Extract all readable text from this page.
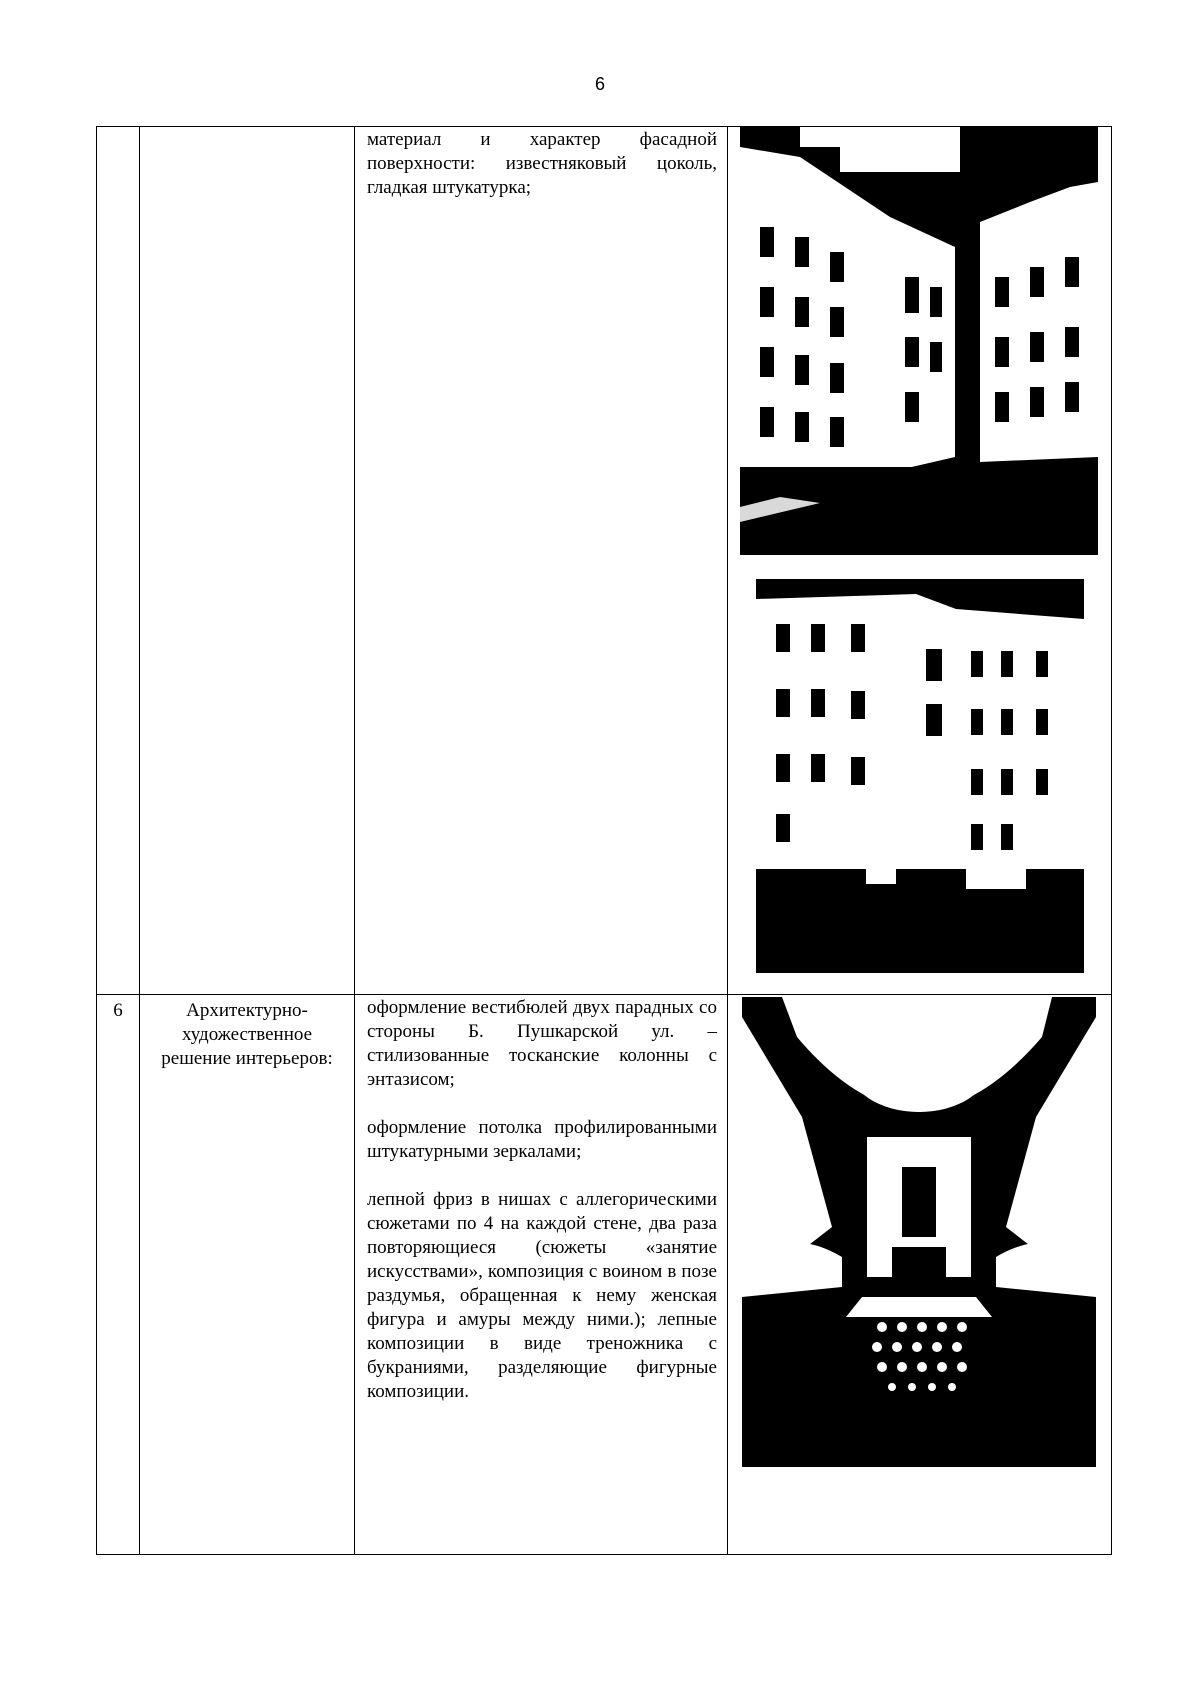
6

		материал и характер фасадной поверхности: известняковый цоколь, гладкая штукатурка;

6	Архитектурно-художественное решение интерьеров:	оформление вестибюлей двух парадных со стороны Б. Пушкарской ул. – стилизованные тосканские колонны с энтазисом;

оформление потолка профилированными штукатурными зеркалами;

лепной фриз в нишах с аллегорическими сюжетами по 4 на каждой стене, два раза повторяющиеся (сюжеты «занятие искусствами», композиция с воином в позе раздумья, обращенная к нему женская фигура и амуры между ними.); лепные композиции в виде треножника с букраниями, разделяющие фигурные композиции.
